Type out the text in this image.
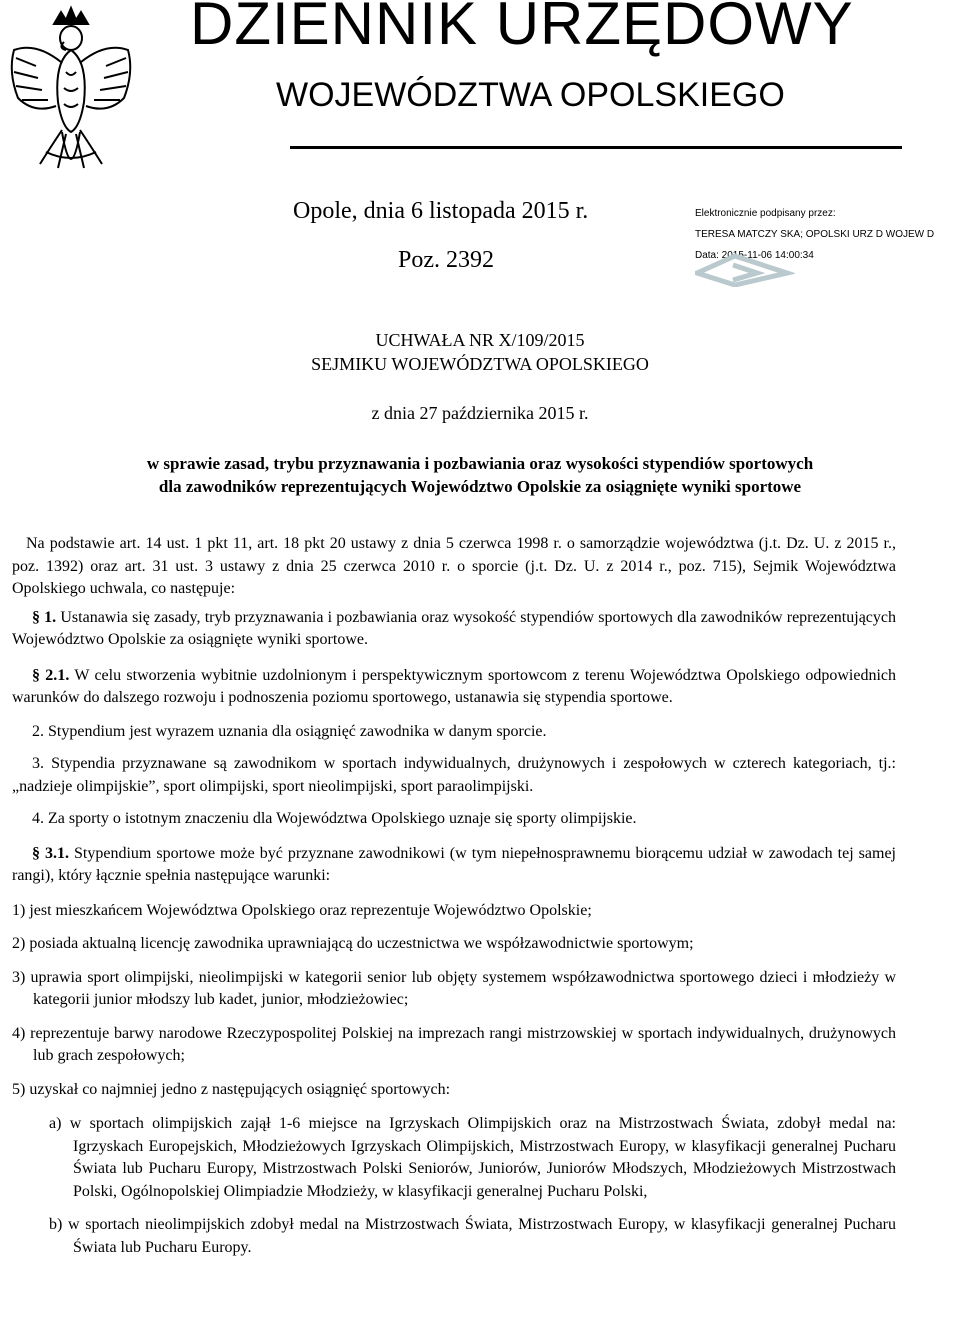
DZIENNIK URZĘDOWY
WOJEWÓDZTWA OPOLSKIEGO
Opole, dnia 6 listopada 2015 r.
Poz. 2392
Elektronicznie podpisany przez:
TERESA MATCZY SKA; OPOLSKI URZ D WOJEW D
Data: 2015-11-06 14:00:34
UCHWAŁA NR X/109/2015
SEJMIKU WOJEWÓDZTWA OPOLSKIEGO
z dnia 27 października 2015 r.
w sprawie zasad, trybu przyznawania i pozbawiania oraz wysokości stypendiów sportowych
dla zawodników reprezentujących Województwo Opolskie za osiągnięte wyniki sportowe

Na podstawie art. 14 ust. 1 pkt 11, art. 18 pkt 20 ustawy z dnia 5 czerwca 1998 r. o samorządzie województwa (j.t. Dz. U. z 2015 r., poz. 1392) oraz art. 31 ust. 3 ustawy z dnia 25 czerwca 2010 r. o sporcie (j.t. Dz. U. z 2014 r., poz. 715), Sejmik Województwa Opolskiego uchwala, co następuje:

§ 1. Ustanawia się zasady, tryb przyznawania i pozbawiania oraz wysokość stypendiów sportowych dla zawodników reprezentujących Województwo Opolskie za osiągnięte wyniki sportowe.

§ 2.1. W celu stworzenia wybitnie uzdolnionym i perspektywicznym sportowcom z terenu Województwa Opolskiego odpowiednich warunków do dalszego rozwoju i podnoszenia poziomu sportowego, ustanawia się stypendia sportowe.

2. Stypendium jest wyrazem uznania dla osiągnięć zawodnika w danym sporcie.

3. Stypendia przyznawane są zawodnikom w sportach indywidualnych, drużynowych i zespołowych w czterech kategoriach, tj.: „nadzieje olimpijskie”, sport olimpijski, sport nieolimpijski, sport paraolimpijski.

4. Za sporty o istotnym znaczeniu dla Województwa Opolskiego uznaje się sporty olimpijskie.

§ 3.1. Stypendium sportowe może być przyznane zawodnikowi (w tym niepełnosprawnemu biorącemu udział w zawodach tej samej rangi), który łącznie spełnia następujące warunki:

1) jest mieszkańcem Województwa Opolskiego oraz reprezentuje Województwo Opolskie;

2) posiada aktualną licencję zawodnika uprawniającą do uczestnictwa we współzawodnictwie sportowym;

3) uprawia sport olimpijski, nieolimpijski w kategorii senior lub objęty systemem współzawodnictwa sportowego dzieci i młodzieży w kategorii junior młodszy lub kadet, junior, młodzieżowiec;

4) reprezentuje barwy narodowe Rzeczypospolitej Polskiej na imprezach rangi mistrzowskiej w sportach indywidualnych, drużynowych lub grach zespołowych;

5) uzyskał co najmniej jedno z następujących osiągnięć sportowych:

a) w sportach olimpijskich zajął 1-6 miejsce na Igrzyskach Olimpijskich oraz na Mistrzostwach Świata, zdobył medal na: Igrzyskach Europejskich, Młodzieżowych Igrzyskach Olimpijskich, Mistrzostwach Europy, w klasyfikacji generalnej Pucharu Świata lub Pucharu Europy, Mistrzostwach Polski Seniorów, Juniorów, Juniorów Młodszych, Młodzieżowych Mistrzostwach Polski, Ogólnopolskiej Olimpiadzie Młodzieży, w klasyfikacji generalnej Pucharu Polski,

b) w sportach nieolimpijskich zdobył medal na Mistrzostwach Świata, Mistrzostwach Europy, w klasyfikacji generalnej Pucharu Świata lub Pucharu Europy.
